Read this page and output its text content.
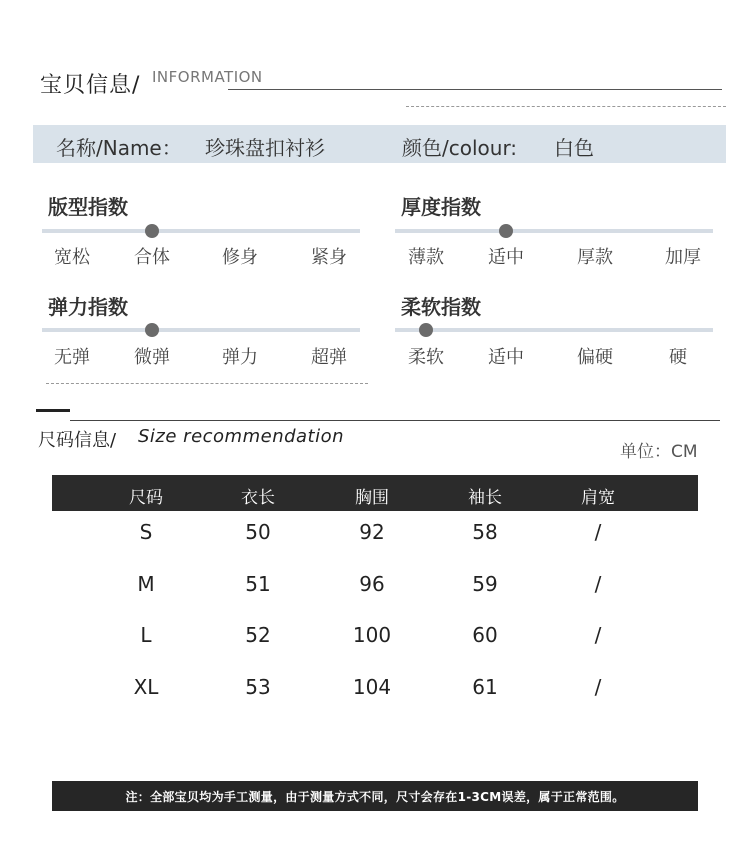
宝贝信息/ INFORMATION
名称/Name： 珍珠盘扣衬衫	颜色/colour: 白色
版型指数
宽松	合体	修身	紧身
厚度指数
薄款	适中	厚款	加厚
弹力指数
无弹	微弹	弹力	超弹
柔软指数
柔软	适中	偏硬	硬
尺码信息/ Size recommendation
单位：CM
尺码	衣长	胸围	袖长	肩宽
S	50	92	58	/
M	51	96	59	/
L	52	100	60	/
XL	53	104	61	/
注：全部宝贝均为手工测量，由于测量方式不同，尺寸会存在1-3CM误差，属于正常范围。
